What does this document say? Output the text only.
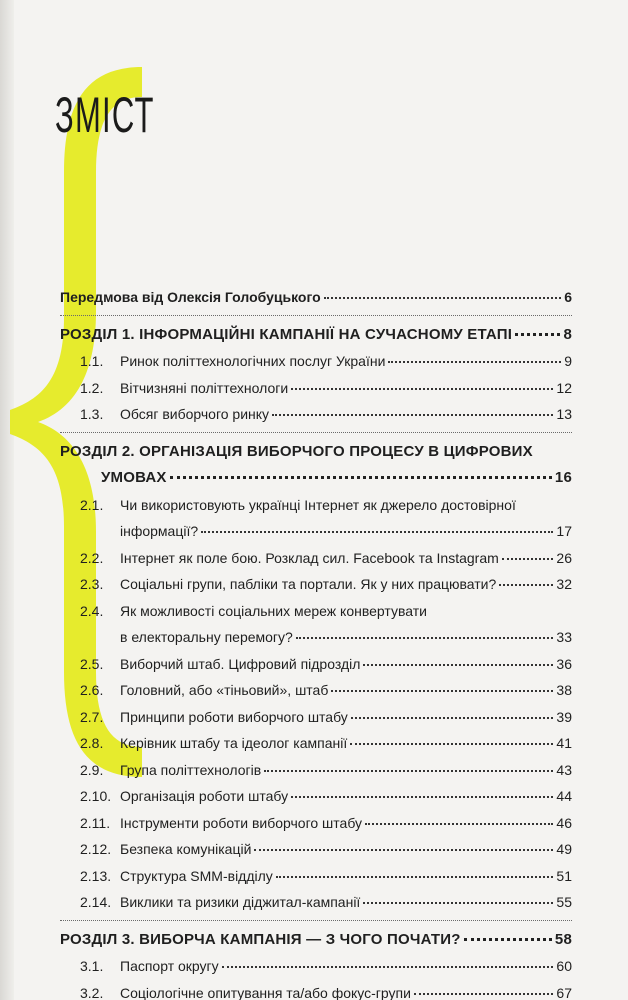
ЗМІСТ
Передмова від Олексія Голобуцького	6
РОЗДІЛ 1. ІНФОРМАЦІЙНІ КАМПАНІЇ НА СУЧАСНОМУ ЕТАПІ	8
1.1.	Ринок політтехнологічних послуг України	9
1.2.	Вітчизняні політтехнологи	12
1.3.	Обсяг виборчого ринку	13
РОЗДІЛ 2. ОРГАНІЗАЦІЯ ВИБОРЧОГО ПРОЦЕСУ В ЦИФРОВИХ
УМОВАХ	16
2.1.	Чи використовують українці Інтернет як джерело достовірної
інформації?	17
2.2.	Інтернет як поле бою. Розклад сил. Facebook та Instagram	26
2.3.	Соціальні групи, пабліки та портали. Як у них працювати?	32
2.4.	Як можливості соціальних мереж конвертувати
в електоральну перемогу?	33
2.5.	Виборчий штаб. Цифровий підрозділ	36
2.6.	Головний, або «тіньовий», штаб	38
2.7.	Принципи роботи виборчого штабу	39
2.8.	Керівник штабу та ідеолог кампанії	41
2.9.	Група політтехнологів	43
2.10. Організація роботи штабу	44
2.11. Інструменти роботи виборчого штабу	46
2.12. Безпека комунікацій	49
2.13. Структура SMM-відділу	51
2.14. Виклики та ризики діджитал-кампанії	55
РОЗДІЛ 3. ВИБОРЧА КАМПАНІЯ — З ЧОГО ПОЧАТИ?	58
3.1.	Паспорт округу	60
3.2.	Соціологічне опитування та/або фокус-групи	67
